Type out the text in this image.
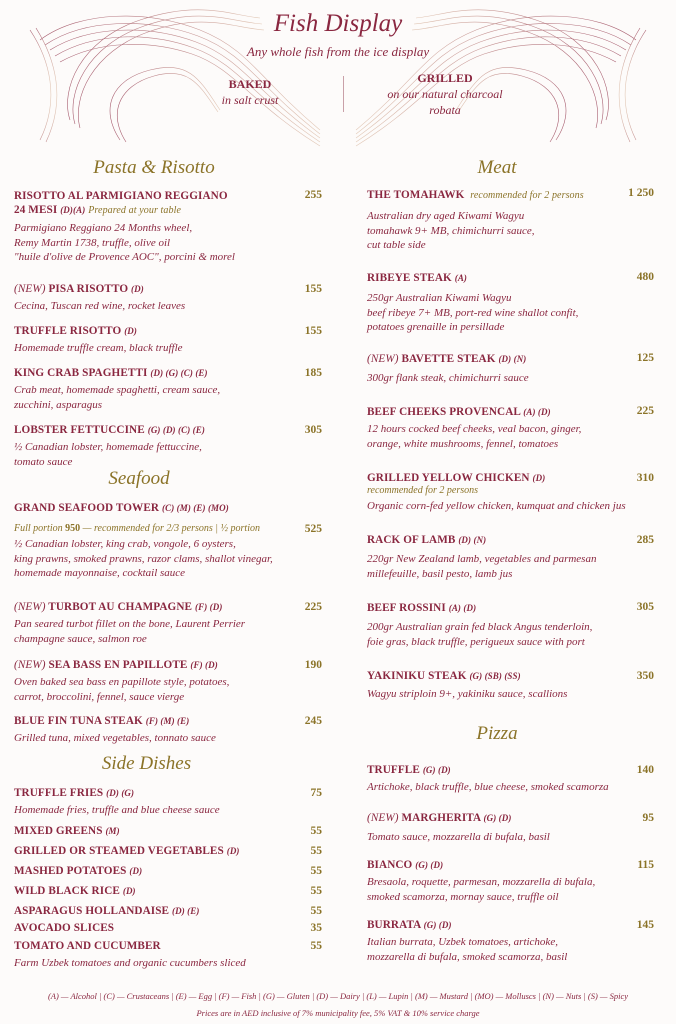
Fish Display
Any whole fish from the ice display
BAKED
in salt crust
GRILLED
on our natural charcoal
robata
Pasta & Risotto
RISOTTO AL PARMIGIANO REGGIANO
24 MESI (D)(A) Prepared at your table
Parmigiano Reggiano 24 Months wheel,
Remy Martin 1738, truffle, olive oil
"huile d'olive de Provence AOC", porcini & morel
255
(NEW) PISA RISOTTO (D)
Cecina, Tuscan red wine, rocket leaves
155
TRUFFLE RISOTTO (D)
Homemade truffle cream, black truffle
155
KING CRAB SPAGHETTI (D) (G) (C) (E)
Crab meat, homemade spaghetti, cream sauce,
zucchini, asparagus
185
LOBSTER FETTUCCINE (G) (D) (C) (E)
½ Canadian lobster, homemade fettuccine,
tomato sauce
305
Seafood
GRAND SEAFOOD TOWER (C) (M) (E) (MO)
Full portion 950 — recommended for 2/3 persons | ½ portion
½ Canadian lobster, king crab, vongole, 6 oysters,
king prawns, smoked prawns, razor clams, shallot vinegar,
homemade mayonnaise, cocktail sauce
525
(NEW) TURBOT AU CHAMPAGNE (F) (D)
Pan seared turbot fillet on the bone, Laurent Perrier
champagne sauce, salmon roe
225
(NEW) SEA BASS EN PAPILLOTE (F) (D)
Oven baked sea bass en papillote style, potatoes,
carrot, broccolini, fennel, sauce vierge
190
BLUE FIN TUNA STEAK (F) (M) (E)
Grilled tuna, mixed vegetables, tonnato sauce
245
Side Dishes
TRUFFLE FRIES (D) (G)
Homemade fries, truffle and blue cheese sauce
75
MIXED GREENS (M)	55
GRILLED OR STEAMED VEGETABLES (D)	55
MASHED POTATOES (D)	55
WILD BLACK RICE (D)	55
ASPARAGUS HOLLANDAISE (D) (E)	55
AVOCADO SLICES	35
TOMATO AND CUCUMBER
Farm Uzbek tomatoes and organic cucumbers sliced
55
Meat
THE TOMAHAWK recommended for 2 persons
Australian dry aged Kiwami Wagyu
tomahawk 9+ MB, chimichurri sauce,
cut table side
1 250
RIBEYE STEAK (A)
250gr Australian Kiwami Wagyu
beef ribeye 7+ MB, port-red wine shallot confit,
potatoes grenaille in persillade
480
(NEW) BAVETTE STEAK (D) (N)
300gr flank steak, chimichurri sauce
125
BEEF CHEEKS PROVENCAL (A) (D)
12 hours cocked beef cheeks, veal bacon, ginger,
orange, white mushrooms, fennel, tomatoes
225
GRILLED YELLOW CHICKEN (D)
recommended for 2 persons
Organic corn-fed yellow chicken, kumquat and chicken jus
310
RACK OF LAMB (D) (N)
220gr New Zealand lamb, vegetables and parmesan
millefeuille, basil pesto, lamb jus
285
BEEF ROSSINI (A) (D)
200gr Australian grain fed black Angus tenderloin,
foie gras, black truffle, perigueux sauce with port
305
YAKINIKU STEAK (G) (SB) (SS)
Wagyu striploin 9+, yakiniku sauce, scallions
350
Pizza
TRUFFLE (G) (D)
Artichoke, black truffle, blue cheese, smoked scamorza
140
(NEW) MARGHERITA (G) (D)
Tomato sauce, mozzarella di bufala, basil
95
BIANCO (G) (D)
Bresaola, roquette, parmesan, mozzarella di bufala,
smoked scamorza, mornay sauce, truffle oil
115
BURRATA (G) (D)
Italian burrata, Uzbek tomatoes, artichoke,
mozzarella di bufala, smoked scamorza, basil
145
(A) — Alcohol | (C) — Crustaceans | (E) — Egg | (F) — Fish | (G) — Gluten | (D) — Dairy | (L) — Lupin | (M) — Mustard | (MO) — Molluscs | (N) — Nuts | (S) — Spicy
Prices are in AED inclusive of 7% municipality fee, 5% VAT & 10% service charge
